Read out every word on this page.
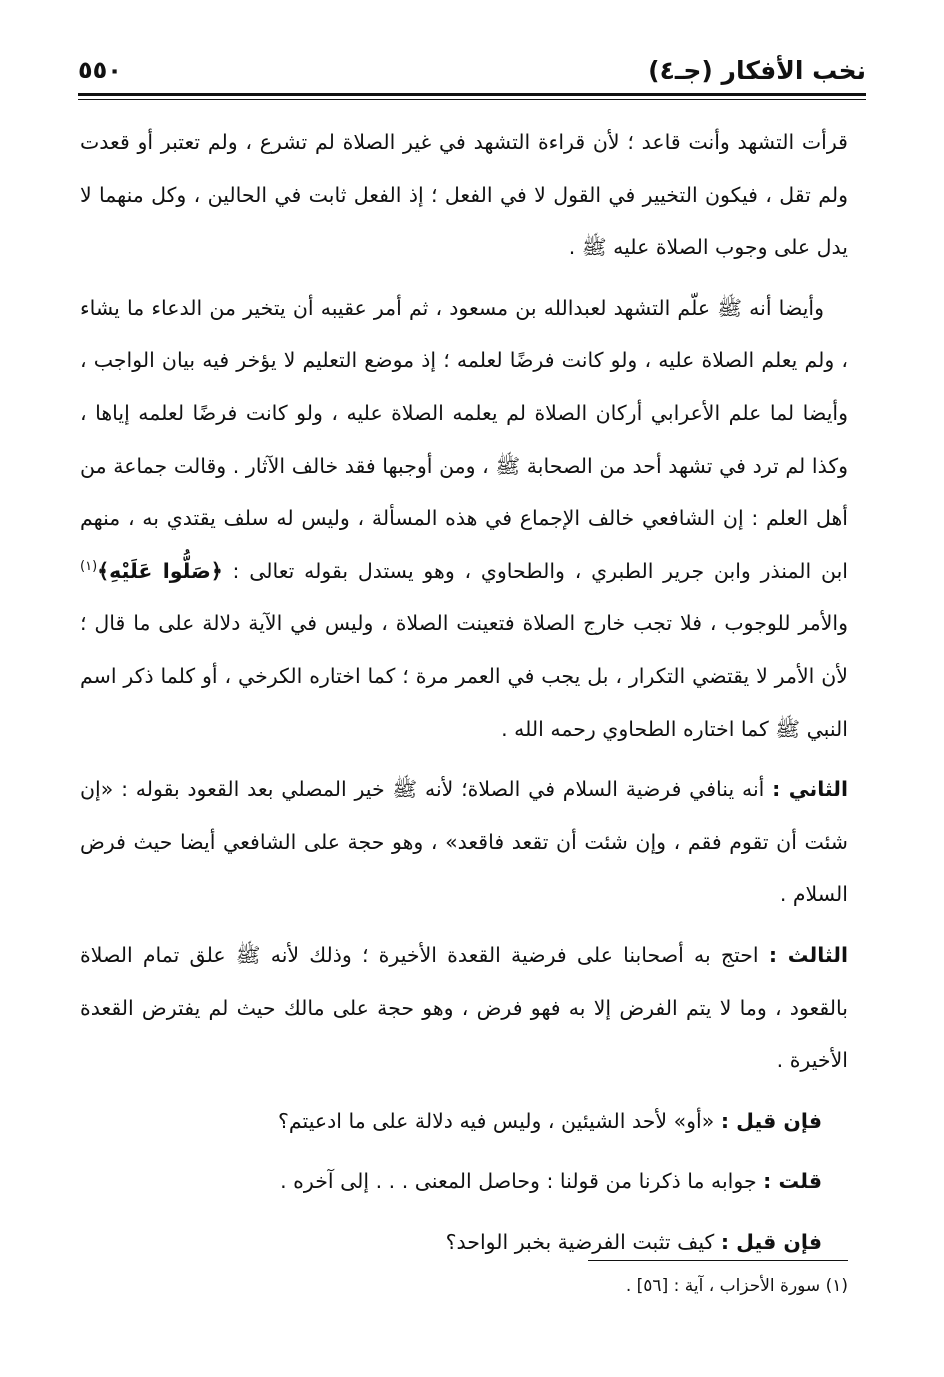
نخب الأفكار (جـ٤)
٥٥٠

قرأت التشهد وأنت قاعد ؛ لأن قراءة التشهد في غير الصلاة لم تشرع ، ولم تعتبر أو قعدت ولم تقل ، فيكون التخيير في القول لا في الفعل ؛ إذ الفعل ثابت في الحالين ، وكل منهما لا يدل على وجوب الصلاة عليه ﷺ .

وأيضا أنه ﷺ علّم التشهد لعبدالله بن مسعود ، ثم أمر عقيبه أن يتخير من الدعاء ما يشاء ، ولم يعلم الصلاة عليه ، ولو كانت فرضًا لعلمه ؛ إذ موضع التعليم لا يؤخر فيه بيان الواجب ، وأيضا لما علم الأعرابي أركان الصلاة لم يعلمه الصلاة عليه ، ولو كانت فرضًا لعلمه إياها ، وكذا لم ترد في تشهد أحد من الصحابة ﷺ ، ومن أوجبها فقد خالف الآثار . وقالت جماعة من أهل العلم : إن الشافعي خالف الإجماع في هذه المسألة ، وليس له سلف يقتدي به ، منهم ابن المنذر وابن جرير الطبري ، والطحاوي ، وهو يستدل بقوله تعالى : ﴿صَلُّوا عَلَيْهِ﴾$^{(١)}$ والأمر للوجوب ، فلا تجب خارج الصلاة فتعينت الصلاة ، وليس في الآية دلالة على ما قال ؛ لأن الأمر لا يقتضي التكرار ، بل يجب في العمر مرة ؛ كما اختاره الكرخي ، أو كلما ذكر اسم النبي ﷺ كما اختاره الطحاوي رحمه الله .

الثاني : أنه ينافي فرضية السلام في الصلاة؛ لأنه ﷺ خير المصلي بعد القعود بقوله : «إن شئت أن تقوم فقم ، وإن شئت أن تقعد فاقعد» ، وهو حجة على الشافعي أيضا حيث فرض السلام .

الثالث : احتج به أصحابنا على فرضية القعدة الأخيرة ؛ وذلك لأنه ﷺ علق تمام الصلاة بالقعود ، وما لا يتم الفرض إلا به فهو فرض ، وهو حجة على مالك حيث لم يفترض القعدة الأخيرة .

فإن قيل : «أو» لأحد الشيئين ، وليس فيه دلالة على ما ادعيتم؟

قلت : جوابه ما ذكرنا من قولنا : وحاصل المعنى . . . إلى آخره .

فإن قيل : كيف تثبت الفرضية بخبر الواحد؟

(١) سورة الأحزاب ، آية : [٥٦] .
